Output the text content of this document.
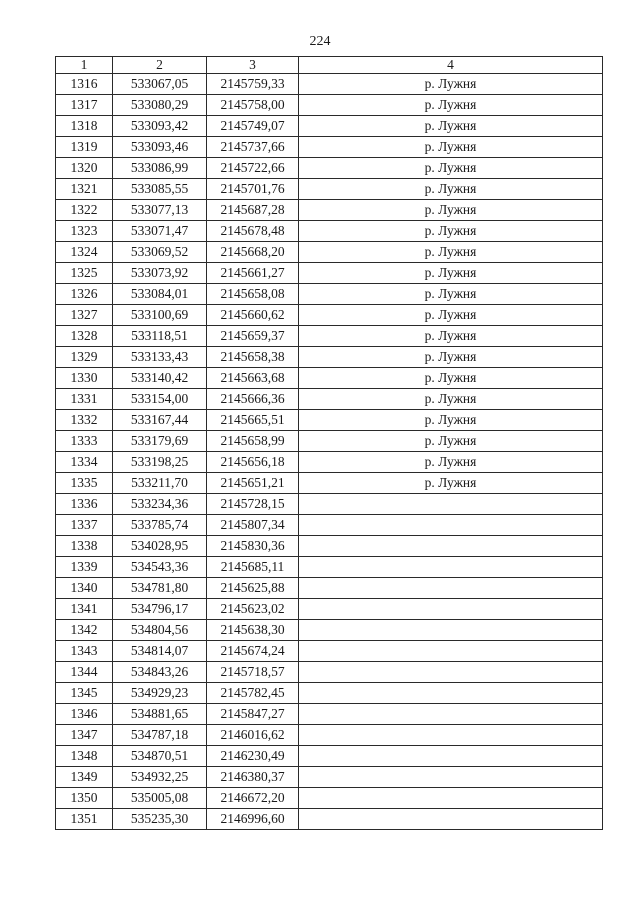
224
1	2	3	4
1316	533067,05	2145759,33	р. Лужня
1317	533080,29	2145758,00	р. Лужня
1318	533093,42	2145749,07	р. Лужня
1319	533093,46	2145737,66	р. Лужня
1320	533086,99	2145722,66	р. Лужня
1321	533085,55	2145701,76	р. Лужня
1322	533077,13	2145687,28	р. Лужня
1323	533071,47	2145678,48	р. Лужня
1324	533069,52	2145668,20	р. Лужня
1325	533073,92	2145661,27	р. Лужня
1326	533084,01	2145658,08	р. Лужня
1327	533100,69	2145660,62	р. Лужня
1328	533118,51	2145659,37	р. Лужня
1329	533133,43	2145658,38	р. Лужня
1330	533140,42	2145663,68	р. Лужня
1331	533154,00	2145666,36	р. Лужня
1332	533167,44	2145665,51	р. Лужня
1333	533179,69	2145658,99	р. Лужня
1334	533198,25	2145656,18	р. Лужня
1335	533211,70	2145651,21	р. Лужня
1336	533234,36	2145728,15	
1337	533785,74	2145807,34	
1338	534028,95	2145830,36	
1339	534543,36	2145685,11	
1340	534781,80	2145625,88	
1341	534796,17	2145623,02	
1342	534804,56	2145638,30	
1343	534814,07	2145674,24	
1344	534843,26	2145718,57	
1345	534929,23	2145782,45	
1346	534881,65	2145847,27	
1347	534787,18	2146016,62	
1348	534870,51	2146230,49	
1349	534932,25	2146380,37	
1350	535005,08	2146672,20	
1351	535235,30	2146996,60	
